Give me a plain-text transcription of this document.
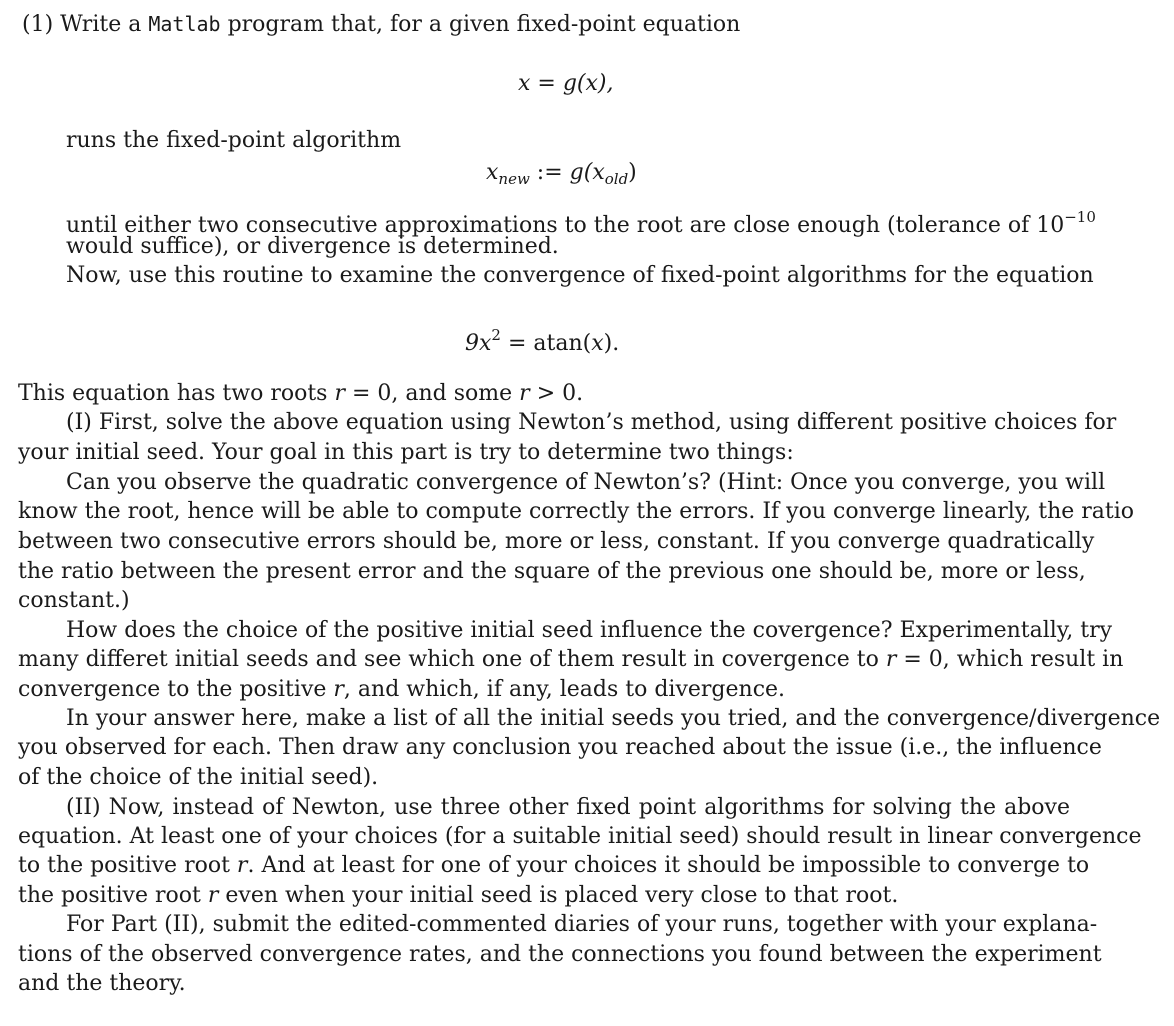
(1) Write a Matlab program that, for a given fixed-point equation
x = g(x),
runs the fixed-point algorithm
$x_{new}$ := $g(x_{old})$
until either two consecutive approximations to the root are close enough (tolerance of $10^{-10}$
would suffice), or divergence is determined.
Now, use this routine to examine the convergence of fixed-point algorithms for the equation
$9x^2 = atan(x)$.
This equation has two roots r = 0, and some r > 0.
(I) First, solve the above equation using Newton’s method, using different positive choices for
your initial seed. Your goal in this part is try to determine two things:
Can you observe the quadratic convergence of Newton’s? (Hint: Once you converge, you will
know the root, hence will be able to compute correctly the errors. If you converge linearly, the ratio
between two consecutive errors should be, more or less, constant. If you converge quadratically
the ratio between the present error and the square of the previous one should be, more or less,
constant.)
How does the choice of the positive initial seed influence the covergence? Experimentally, try
many differet initial seeds and see which one of them result in covergence to r = 0, which result in
convergence to the positive r, and which, if any, leads to divergence.
In your answer here, make a list of all the initial seeds you tried, and the convergence/divergence
you observed for each. Then draw any conclusion you reached about the issue (i.e., the influence
of the choice of the initial seed).
(II) Now, instead of Newton, use three other fixed point algorithms for solving the above
equation. At least one of your choices (for a suitable initial seed) should result in linear convergence
to the positive root r. And at least for one of your choices it should be impossible to converge to
the positive root r even when your initial seed is placed very close to that root.
For Part (II), submit the edited-commented diaries of your runs, together with your explana-
tions of the observed convergence rates, and the connections you found between the experiment
and the theory.
